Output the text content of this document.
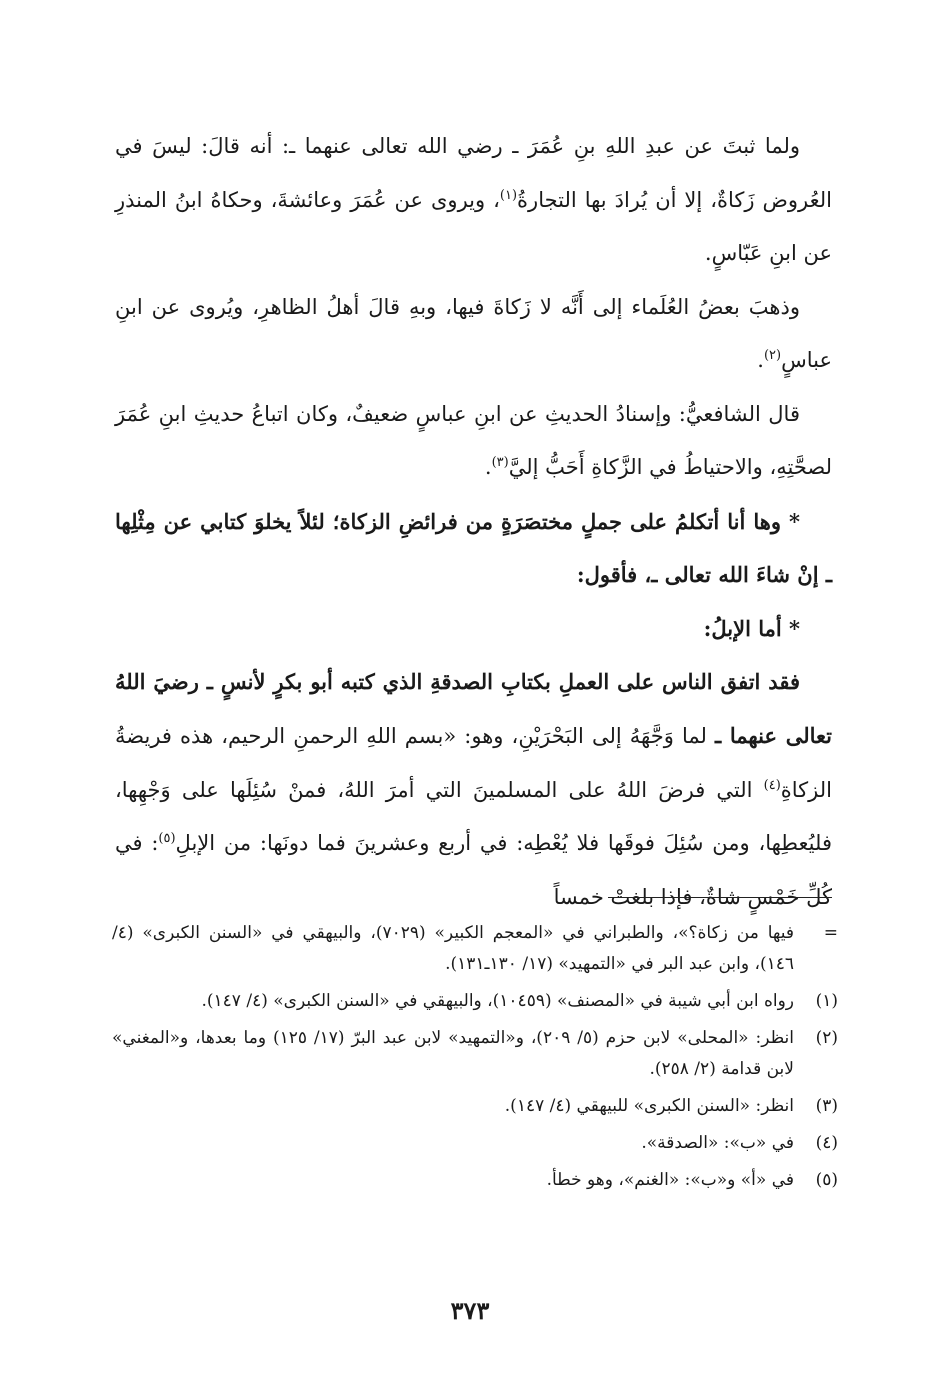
ولما ثبتَ عن عبدِ اللهِ بنِ عُمَرَ ـ رضي الله تعالى عنهما ـ: أنه قالَ: ليسَ في العُروض زَكاةٌ، إلا أن يُرادَ بها التجارةُ$^{(١)}$، ويروى عن عُمَرَ وعائشةَ، وحكاهُ ابنُ المنذرِ عن ابنِ عَبّاسٍ.

وذهبَ بعضُ العُلَماء إلى أَنَّه لا زَكاةَ فيها، وبهِ قالَ أهلُ الظاهرِ، ويُروى عن ابنِ عباسٍ$^{(٢)}$.

قال الشافعيُّ: وإسنادُ الحديثِ عن ابنِ عباسٍ ضعيفٌ، وكان اتباعُ حديثِ ابنِ عُمَرَ لصحَّتِهِ، والاحتياطُ في الزَّكاةِ أَحَبُّ إليَّ$^{(٣)}$.

* وها أنا أتكلمُ على جملٍ مختصَرَةٍ من فرائضِ الزكاة؛ لئلاً يخلوَ كتابي عن مِثْلِها ـ إنْ شاءَ الله تعالى ـ، فأقول:

* أما الإبلُ:

فقد اتفق الناس على العملِ بكتابِ الصدقةِ الذي كتبه أبو بكرٍ لأنسٍ ـ رضيَ اللهُ تعالى عنهما ـ لما وَجَّهَهُ إلى البَحْرَيْنِ، وهو: «بسم اللهِ الرحمنِ الرحيم، هذه فريضةُ الزكاةِ$^{(٤)}$ التي فرضَ اللهُ على المسلمينَ التي أمرَ اللهُ، فمنْ سُئِلَها على وَجْهِها، فليُعطِها، ومن سُئِلَ فوقَها فلا يُعْطِه: في أربع وعشرينَ فما دونَها: من الإبلِ$^{(٥)}$: في كُلِّ خَمْسٍ شاةٌ، فإذا بلغتْ خمساً

=
فيها من زكاة؟»، والطبراني في «المعجم الكبير» (٧٠٢٩)، والبيهقي في «السنن الكبرى» (٤/ ١٤٦)، وابن عبد البر في «التمهيد» (١٧/ ١٣٠ـ١٣١).
(١)
رواه ابن أبي شيبة في «المصنف» (١٠٤٥٩)، والبيهقي في «السنن الكبرى» (٤/ ١٤٧).
(٢)
انظر: «المحلى» لابن حزم (٥/ ٢٠٩)، و«التمهيد» لابن عبد البرّ (١٧/ ١٢٥) وما بعدها، و«المغني» لابن قدامة (٢/ ٢٥٨).
(٣)
انظر: «السنن الكبرى» للبيهقي (٤/ ١٤٧).
(٤)
في «ب»: «الصدقة».
(٥)
في «أ» و«ب»: «الغنم»، وهو خطأ.
٣٧٣
